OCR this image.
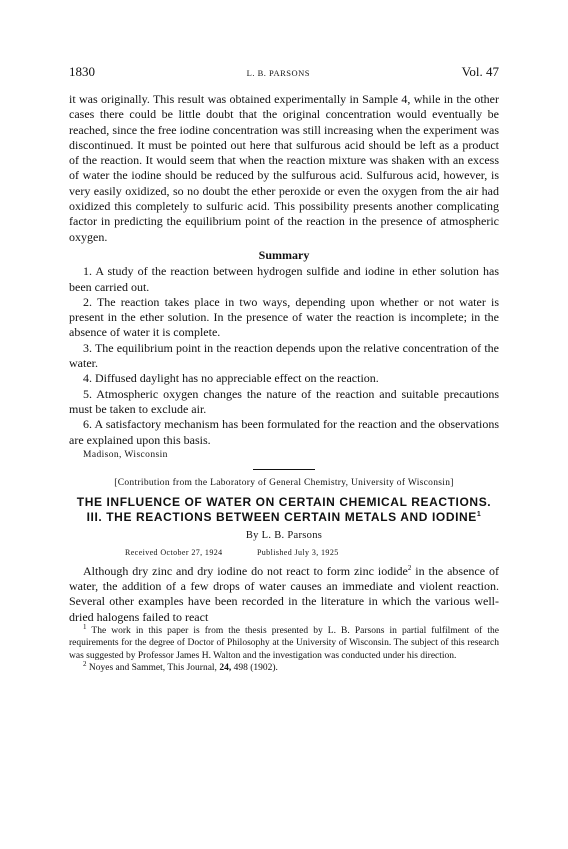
1830	L. B. PARSONS	Vol. 47

it was originally. This result was obtained experimentally in Sample 4, while in the other cases there could be little doubt that the original concentration would eventually be reached, since the free iodine concentration was still increasing when the experiment was discontinued. It must be pointed out here that sulfurous acid should be left as a product of the reaction. It would seem that when the reaction mixture was shaken with an excess of water the iodine should be reduced by the sulfurous acid. Sulfurous acid, however, is very easily oxidized, so no doubt the ether peroxide or even the oxygen from the air had oxidized this completely to sulfuric acid. This possibility presents another complicating factor in predicting the equilibrium point of the reaction in the presence of atmospheric oxygen.

Summary

1. A study of the reaction between hydrogen sulfide and iodine in ether solution has been carried out.

2. The reaction takes place in two ways, depending upon whether or not water is present in the ether solution. In the presence of water the reaction is incomplete; in the absence of water it is complete.

3. The equilibrium point in the reaction depends upon the relative concentration of the water.

4. Diffused daylight has no appreciable effect on the reaction.

5. Atmospheric oxygen changes the nature of the reaction and suitable precautions must be taken to exclude air.

6. A satisfactory mechanism has been formulated for the reaction and the observations are explained upon this basis.

Madison, Wisconsin

[Contribution from the Laboratory of General Chemistry, University of Wisconsin]
THE INFLUENCE OF WATER ON CERTAIN CHEMICAL REACTIONS. III. THE REACTIONS BETWEEN CERTAIN METALS AND IODINE$^1$
By L. B. Parsons
Received October 27, 1924	Published July 3, 1925

Although dry zinc and dry iodine do not react to form zinc iodide$^2$ in the absence of water, the addition of a few drops of water causes an immediate and violent reaction. Several other examples have been recorded in the literature in which the various well-dried halogens failed to react

$^1$ The work in this paper is from the thesis presented by L. B. Parsons in partial fulfilment of the requirements for the degree of Doctor of Philosophy at the University of Wisconsin. The subject of this research was suggested by Professor James H. Walton and the investigation was conducted under his direction.

$^2$ Noyes and Sammet, This Journal, 24, 498 (1902).
